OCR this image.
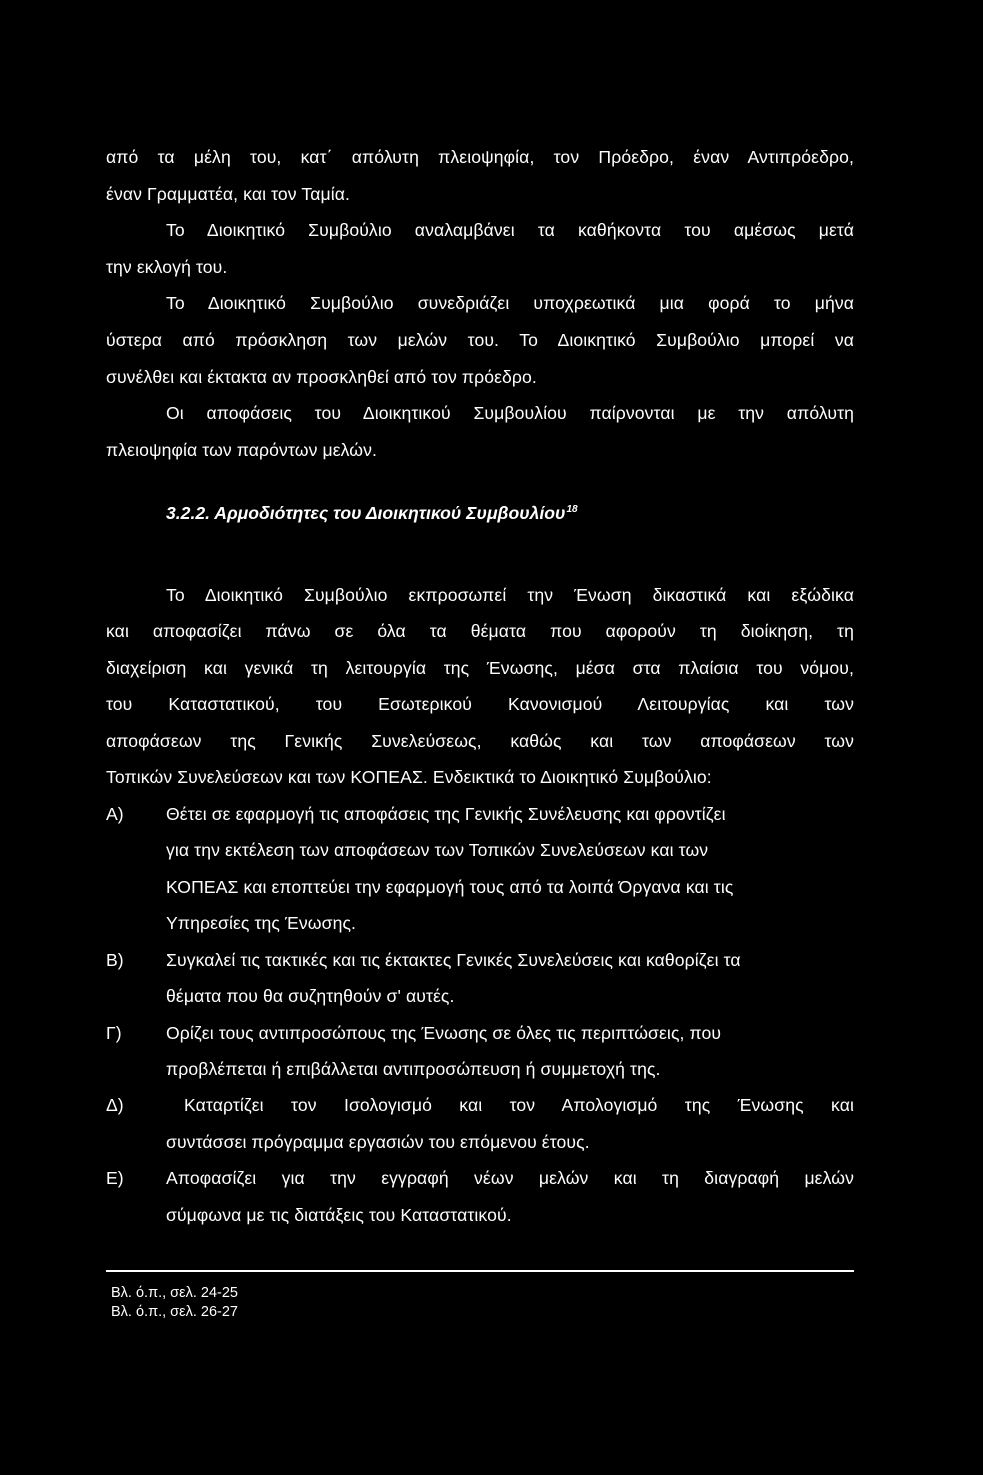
από τα μέλη του, κατ΄ απόλυτη πλειοψηφία, τον Πρόεδρο, έναν Αντιπρόεδρο,
έναν Γραμματέα, και τον Ταμία.
Το Διοικητικό Συμβούλιο αναλαμβάνει τα καθήκοντα του αμέσως μετά
την εκλογή του.
Το Διοικητικό Συμβούλιο συνεδριάζει υποχρεωτικά μια φορά το μήνα
ύστερα από πρόσκληση των μελών του. Το Διοικητικό Συμβούλιο μπορεί να
συνέλθει και έκτακτα αν προσκληθεί από τον πρόεδρο.
Οι αποφάσεις του Διοικητικού Συμβουλίου παίρνονται με την απόλυτη
πλειοψηφία των παρόντων μελών.
3.2.2. Αρμοδιότητες του Διοικητικού Συμβουλίου$^{18}$
Το Διοικητικό Συμβούλιο εκπροσωπεί την Ένωση δικαστικά και εξώδικα
και αποφασίζει πάνω σε όλα τα θέματα που αφορούν τη διοίκηση, τη
διαχείριση και γενικά τη λειτουργία της Ένωσης, μέσα στα πλαίσια του νόμου,
του Καταστατικού, του Εσωτερικού Κανονισμού Λειτουργίας και των
αποφάσεων της Γενικής Συνελεύσεως, καθώς και των αποφάσεων των
Τοπικών Συνελεύσεων και των ΚΟΠΕΑΣ. Ενδεικτικά το Διοικητικό Συμβούλιο:
Α) Θέτει σε εφαρμογή τις αποφάσεις της Γενικής Συνέλευσης και φροντίζει
για την εκτέλεση των αποφάσεων των Τοπικών Συνελεύσεων και των
ΚΟΠΕΑΣ και εποπτεύει την εφαρμογή τους από τα λοιπά Όργανα και τις
Υπηρεσίες της Ένωσης.
Β) Συγκαλεί τις τακτικές και τις έκτακτες Γενικές Συνελεύσεις και καθορίζει τα
θέματα που θα συζητηθούν σ' αυτές.
Γ)	Ορίζει τους αντιπροσώπους της Ένωσης σε όλες τις περιπτώσεις, που
προβλέπεται ή επιβάλλεται αντιπροσώπευση ή συμμετοχή της.
Δ)	Καταρτίζει τον Ισολογισμό και τον Απολογισμό της Ένωσης και
συντάσσει πρόγραμμα εργασιών του επόμενου έτους.
Ε) Αποφασίζει για την εγγραφή νέων μελών και τη διαγραφή μελών
σύμφωνα με τις διατάξεις του Καταστατικού.
Βλ. ό.π., σελ. 24-25
Βλ. ό.π., σελ. 26-27
